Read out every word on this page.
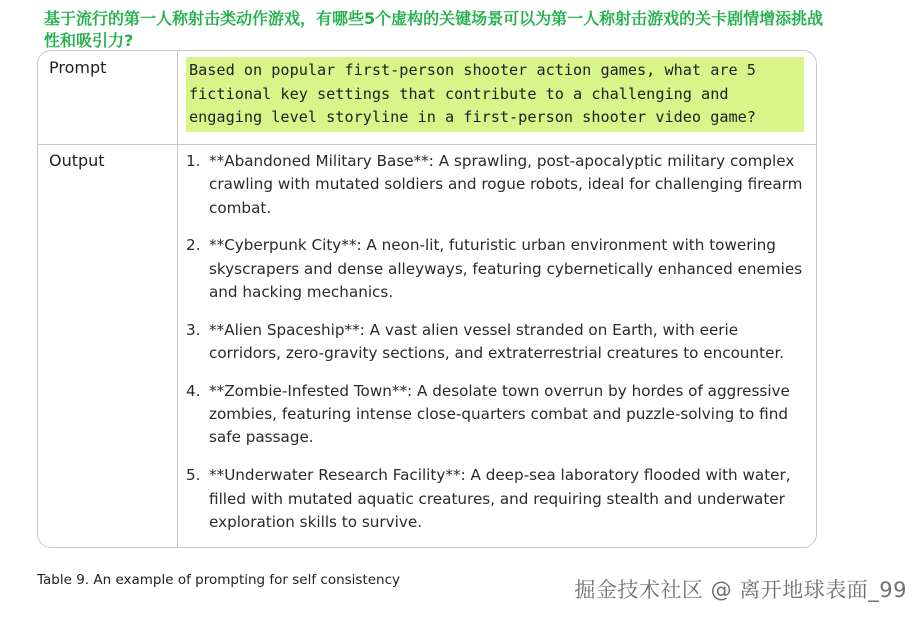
基于流行的第一人称射击类动作游戏，有哪些5个虚构的关键场景可以为第一人称射击游戏的关卡剧情增添挑战性和吸引力?
Prompt	Based on popular first-person shooter action games, what are 5 fictional key settings that contribute to a challenging and engaging level storyline in a first-person shooter video game?
Output	1. **Abandoned Military Base**: A sprawling, post-apocalyptic military complex crawling with mutated soldiers and rogue robots, ideal for challenging firearm combat.
2. **Cyberpunk City**: A neon-lit, futuristic urban environment with towering skyscrapers and dense alleyways, featuring cybernetically enhanced enemies and hacking mechanics.
3. **Alien Spaceship**: A vast alien vessel stranded on Earth, with eerie corridors, zero-gravity sections, and extraterrestrial creatures to encounter.
4. **Zombie-Infested Town**: A desolate town overrun by hordes of aggressive zombies, featuring intense close-quarters combat and puzzle-solving to find safe passage.
5. **Underwater Research Facility**: A deep-sea laboratory flooded with water, filled with mutated aquatic creatures, and requiring stealth and underwater exploration skills to survive.
Table 9. An example of prompting for self consistency	掘金技术社区 @ 离开地球表面_99
